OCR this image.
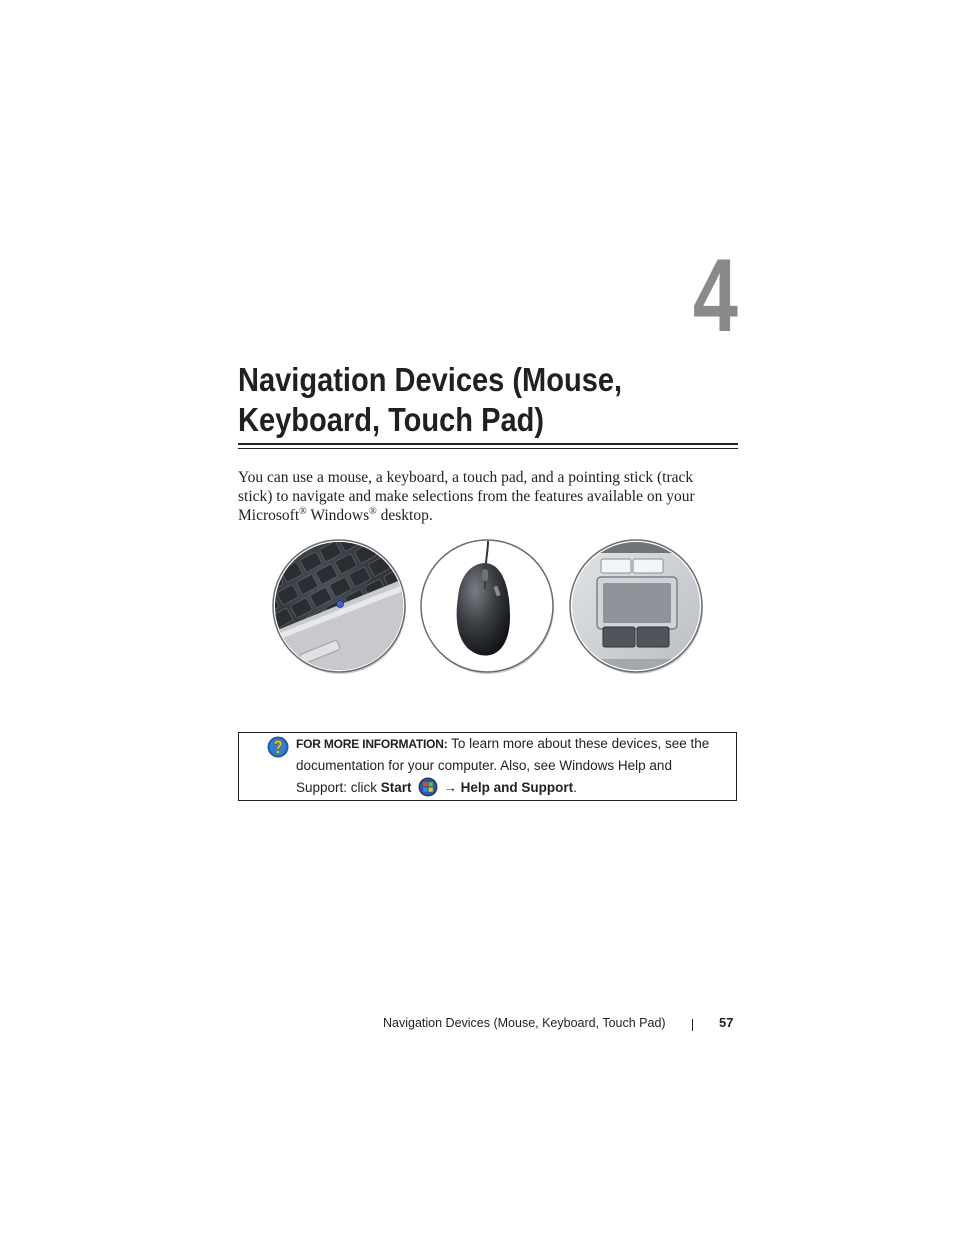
4
Navigation Devices (Mouse,
Keyboard, Touch Pad)

You can use a mouse, a keyboard, a touch pad, and a pointing stick (track stick) to navigate and make selections from the features available on your Microsoft® Windows® desktop.

FOR MORE INFORMATION: To learn more about these devices, see the documentation for your computer. Also, see Windows Help and Support: click Start → Help and Support.

Navigation Devices (Mouse, Keyboard, Touch Pad)	57
